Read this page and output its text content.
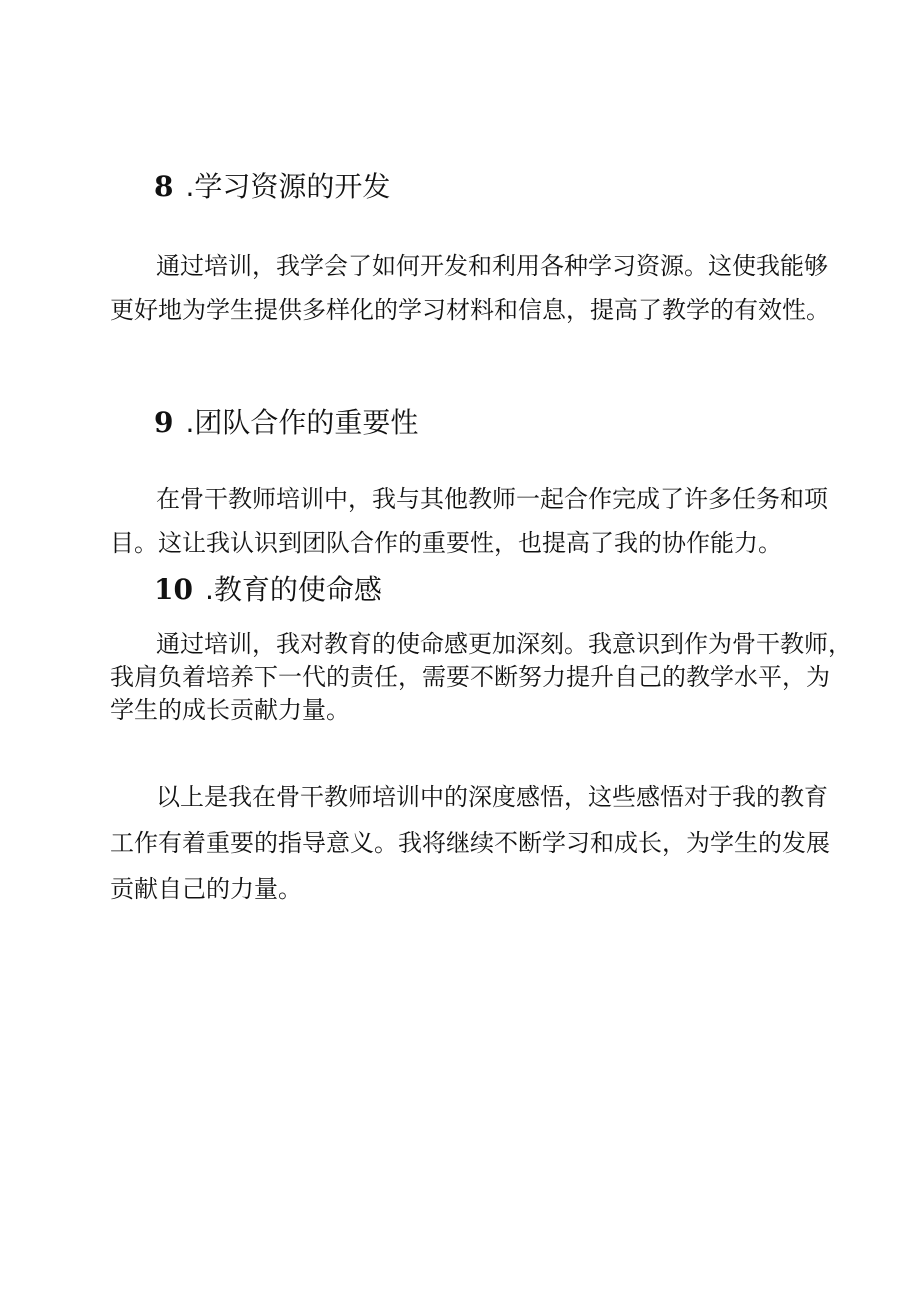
8 .学习资源的开发
通过培训，我学会了如何开发和利用各种学习资源。这使我能够
更好地为学生提供多样化的学习材料和信息，提高了教学的有效性。
9 .团队合作的重要性
在骨干教师培训中，我与其他教师一起合作完成了许多任务和项
目。这让我认识到团队合作的重要性，也提高了我的协作能力。
10 .教育的使命感
通过培训，我对教育的使命感更加深刻。我意识到作为骨干教师，
我肩负着培养下一代的责任，需要不断努力提升自己的教学水平，为
学生的成长贡献力量。
以上是我在骨干教师培训中的深度感悟，这些感悟对于我的教育
工作有着重要的指导意义。我将继续不断学习和成长，为学生的发展
贡献自己的力量。
